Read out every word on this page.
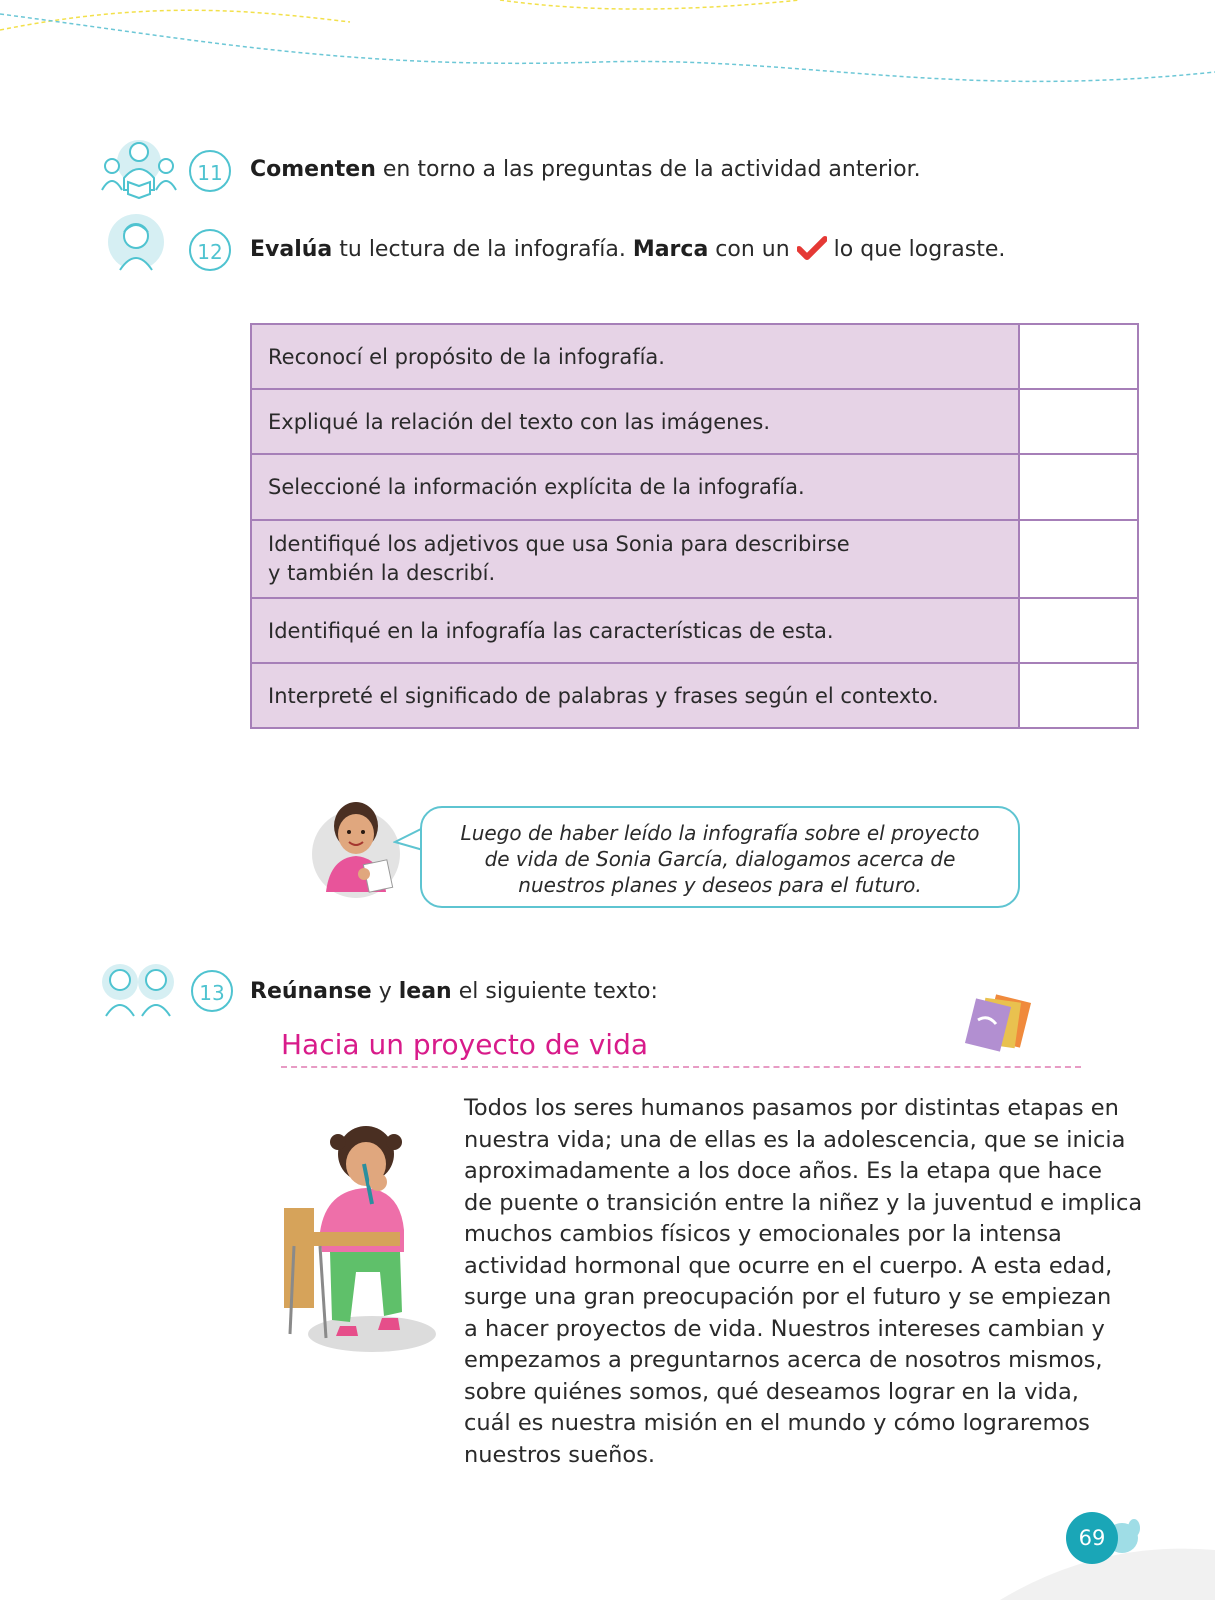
11	Comenten en torno a las preguntas de la actividad anterior.
12	Evalúa tu lectura de la infografía. Marca con un  lo que lograste.
Reconocí el propósito de la infografía.	
Expliqué la relación del texto con las imágenes.	
Seleccioné la información explícita de la infografía.	

Identifiqué los adjetivos que usa Sonia para describirse
y también la describí.	

Identifiqué en la infografía las características de esta.	
Interpreté el significado de palabras y frases según el contexto.	
Luego de haber leído la infografía sobre el proyecto
de vida de Sonia García, dialogamos acerca de
nuestros planes y deseos para el futuro.
13	Reúnanse y lean el siguiente texto:
Hacia un proyecto de vida
Todos los seres humanos pasamos por distintas etapas en
nuestra vida; una de ellas es la adolescencia, que se inicia
aproximadamente a los doce años. Es la etapa que hace
de puente o transición entre la niñez y la juventud e implica
muchos cambios físicos y emocionales por la intensa
actividad hormonal que ocurre en el cuerpo. A esta edad,
surge una gran preocupación por el futuro y se empiezan
a hacer proyectos de vida. Nuestros intereses cambian y
empezamos a preguntarnos acerca de nosotros mismos,
sobre quiénes somos, qué deseamos lograr en la vida,
cuál es nuestra misión en el mundo y cómo lograremos
nuestros sueños.
69
